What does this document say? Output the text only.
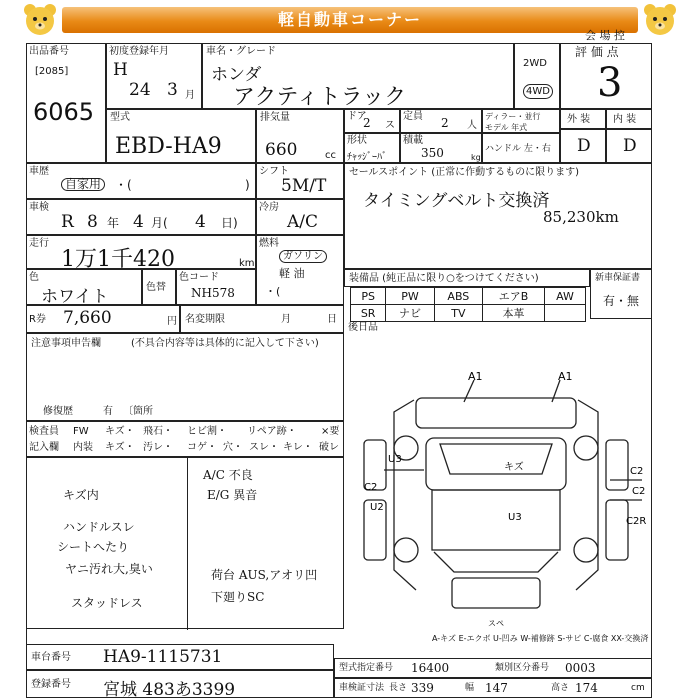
軽自動車コーナー
会 場 控
出品番号
[2085]
6065
初度登録年月
H
24 3 月
車名・グレード
ホンダ
アクティトラック
2WD
4WD
評 価 点
3
型式
EBD-HA9
排気量
660	cc
ドア
2 ス
定員 2 人
ディラー・並行
モデル 年式
形状
ﾁｬｯｼﾞｰﾊﾞ
積載
350	kg
ハンドル 左・右
外 装 内 装
D D
車歴
自家用	・(	)
シフト
5M/T
車検
R 8 年 4 月( 4 日)
冷房
A/C
走行
1万1千420	km
燃料
ガソリン
軽 油
・(
色
ホワイト	色替
色コード
NH578
R券 7,660	円 名変期限	月	日
セールスポイント (正常に作動するものに限ります)
タイミングベルト交換済
85,230km
装備品 (純正品に限り○をつけてください)
PS	PW	ABS	エアB	AW
SR	ナビ	TV	本革	
新車保証書
有・無
後日品
注意事項申告欄	(不具合内容等は具体的に記入して下さい)
修復歴	有 〔箇所
検査員
記入欄
FW キズ・ 飛石・ ヒビ割・ リペア跡・ ×要
内装 キズ・ 汚レ・ コゲ・ 穴・ スレ・ キレ・ 破レ
キズ内
ハンドルスレ
シートへたり
ヤニ汚れ大,臭い
スタッドレス
A/C 不良
E/G 異音
荷台 AUS,アオリ凹
下廻りSC
A1	A1
U3
U3
U2
C2
C2
C2
キズ
C2R
スペ
A-キズ E-エクボ U-凹み W-補修跡 S-サビ C-腐食 XX-交換済
車台番号 HA9-1115731
登録番号 宮城 483あ3399
型式指定番号 16400	類別区分番号 0003
車検証寸法 長さ 339	幅 147	高さ 174	cm
